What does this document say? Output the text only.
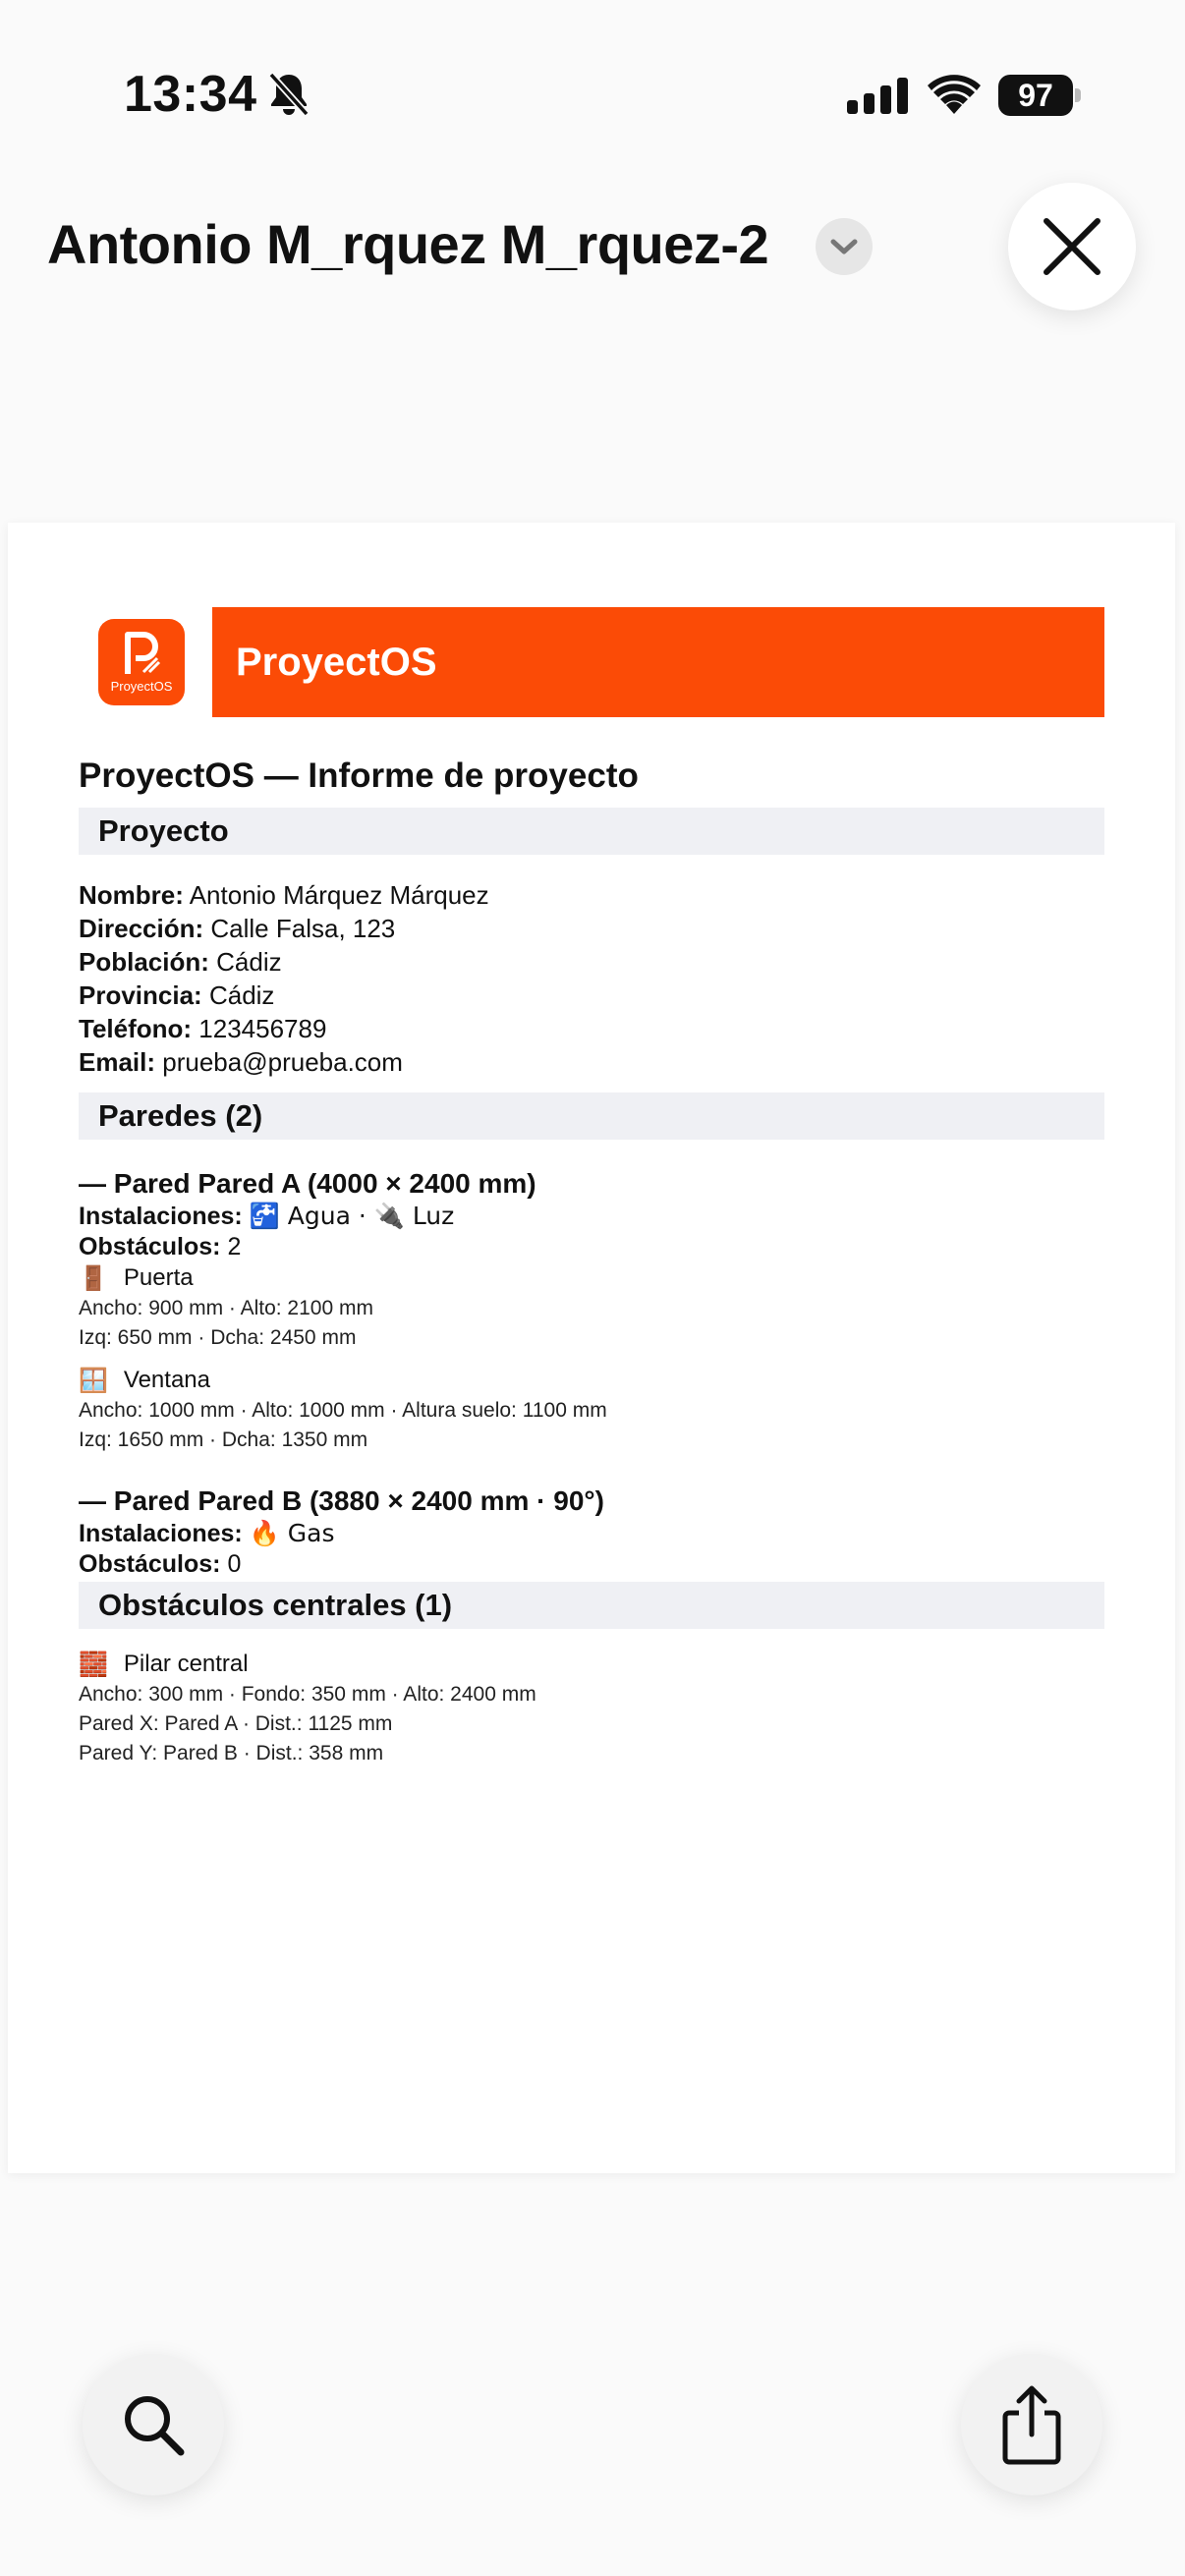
13:34	97
Antonio M_rquez M_rquez-2
ProyectOS
ProyectOS
ProyectOS — Informe de proyecto
Proyecto
Nombre: Antonio Márquez Márquez
Dirección: Calle Falsa, 123
Población: Cádiz
Provincia: Cádiz
Teléfono: 123456789
Email: prueba@prueba.com
Paredes (2)
— Pared Pared A (4000 × 2400 mm)
Instalaciones: 🚰 Agua · 🔌 Luz
Obstáculos: 2
🚪 Puerta
Ancho: 900 mm · Alto: 2100 mm
Izq: 650 mm · Dcha: 2450 mm
🪟 Ventana
Ancho: 1000 mm · Alto: 1000 mm · Altura suelo: 1100 mm
Izq: 1650 mm · Dcha: 1350 mm
— Pared Pared B (3880 × 2400 mm · 90°)
Instalaciones: 🔥 Gas
Obstáculos: 0
Obstáculos centrales (1)
🧱 Pilar central
Ancho: 300 mm · Fondo: 350 mm · Alto: 2400 mm
Pared X: Pared A · Dist.: 1125 mm
Pared Y: Pared B · Dist.: 358 mm
